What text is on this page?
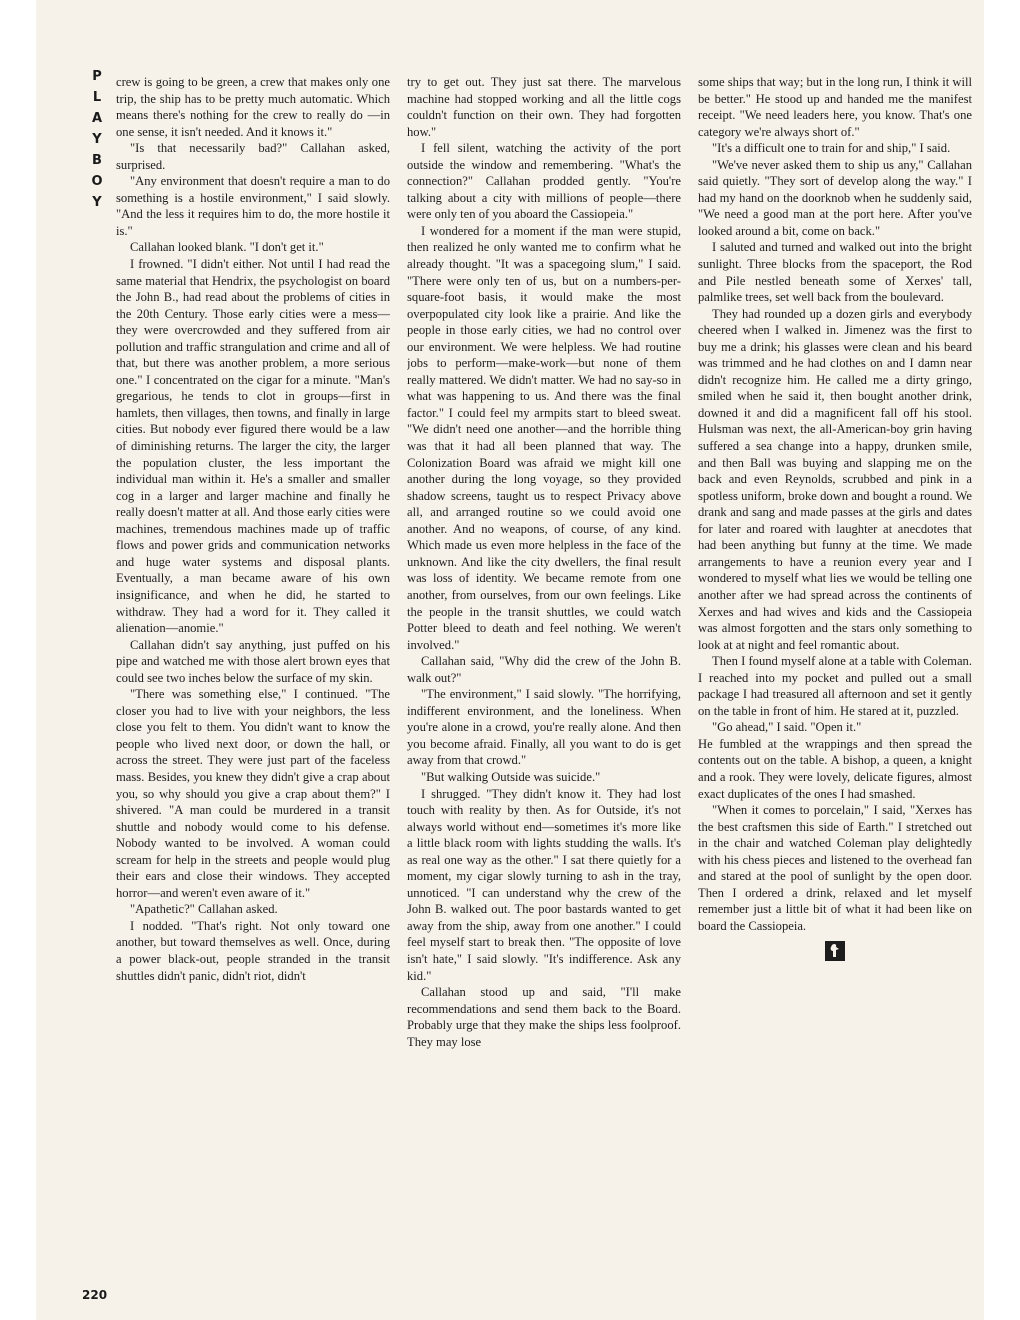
P
L
A
Y
B
O
Y
220

crew is going to be green, a crew that makes only one trip, the ship has to be pretty much automatic. Which means there's nothing for the crew to really do —in one sense, it isn't needed. And it knows it."

"Is that necessarily bad?" Callahan asked, surprised.

"Any environment that doesn't require a man to do something is a hostile environment," I said slowly. "And the less it requires him to do, the more hostile it is."

Callahan looked blank. "I don't get it."

I frowned. "I didn't either. Not until I had read the same material that Hendrix, the psychologist on board the John B., had read about the problems of cities in the 20th Century. Those early cities were a mess—they were overcrowded and they suffered from air pollution and traffic strangulation and crime and all of that, but there was another problem, a more serious one." I concentrated on the cigar for a minute. "Man's gregarious, he tends to clot in groups—first in hamlets, then villages, then towns, and finally in large cities. But nobody ever figured there would be a law of diminishing returns. The larger the city, the larger the population cluster, the less important the individual man within it. He's a smaller and smaller cog in a larger and larger machine and finally he really doesn't matter at all. And those early cities were machines, tremendous machines made up of traffic flows and power grids and communication networks and huge water systems and disposal plants. Eventually, a man became aware of his own insignificance, and when he did, he started to withdraw. They had a word for it. They called it alienation—anomie."

Callahan didn't say anything, just puffed on his pipe and watched me with those alert brown eyes that could see two inches below the surface of my skin.

"There was something else," I continued. "The closer you had to live with your neighbors, the less close you felt to them. You didn't want to know the people who lived next door, or down the hall, or across the street. They were just part of the faceless mass. Besides, you knew they didn't give a crap about you, so why should you give a crap about them?" I shivered. "A man could be murdered in a transit shuttle and nobody would come to his defense. Nobody wanted to be involved. A woman could scream for help in the streets and people would plug their ears and close their windows. They accepted horror—and weren't even aware of it."

"Apathetic?" Callahan asked.

I nodded. "That's right. Not only toward one another, but toward themselves as well. Once, during a power black-out, people stranded in the transit shuttles didn't panic, didn't riot, didn't

try to get out. They just sat there. The marvelous machine had stopped working and all the little cogs couldn't function on their own. They had forgotten how."

I fell silent, watching the activity of the port outside the window and remembering. "What's the connection?" Callahan prodded gently. "You're talking about a city with millions of people—there were only ten of you aboard the Cassiopeia."

I wondered for a moment if the man were stupid, then realized he only wanted me to confirm what he already thought. "It was a spacegoing slum," I said. "There were only ten of us, but on a numbers-per-square-foot basis, it would make the most overpopulated city look like a prairie. And like the people in those early cities, we had no control over our environment. We were helpless. We had routine jobs to perform—make-work—but none of them really mattered. We didn't matter. We had no say-so in what was happening to us. And there was the final factor." I could feel my armpits start to bleed sweat. "We didn't need one another—and the horrible thing was that it had all been planned that way. The Colonization Board was afraid we might kill one another during the long voyage, so they provided shadow screens, taught us to respect Privacy above all, and arranged routine so we could avoid one another. And no weapons, of course, of any kind. Which made us even more helpless in the face of the unknown. And like the city dwellers, the final result was loss of identity. We became remote from one another, from ourselves, from our own feelings. Like the people in the transit shuttles, we could watch Potter bleed to death and feel nothing. We weren't involved."

Callahan said, "Why did the crew of the John B. walk out?"

"The environment," I said slowly. "The horrifying, indifferent environment, and the loneliness. When you're alone in a crowd, you're really alone. And then you become afraid. Finally, all you want to do is get away from that crowd."

"But walking Outside was suicide."

I shrugged. "They didn't know it. They had lost touch with reality by then. As for Outside, it's not always world without end—sometimes it's more like a little black room with lights studding the walls. It's as real one way as the other." I sat there quietly for a moment, my cigar slowly turning to ash in the tray, unnoticed. "I can understand why the crew of the John B. walked out. The poor bastards wanted to get away from the ship, away from one another." I could feel myself start to break then. "The opposite of love isn't hate," I said slowly. "It's indifference. Ask any kid."

Callahan stood up and said, "I'll make recommendations and send them back to the Board. Probably urge that they make the ships less foolproof. They may lose

some ships that way; but in the long run, I think it will be better." He stood up and handed me the manifest receipt. "We need leaders here, you know. That's one category we're always short of."

"It's a difficult one to train for and ship," I said.

"We've never asked them to ship us any," Callahan said quietly. "They sort of develop along the way." I had my hand on the doorknob when he suddenly said, "We need a good man at the port here. After you've looked around a bit, come on back."

I saluted and turned and walked out into the bright sunlight. Three blocks from the spaceport, the Rod and Pile nestled beneath some of Xerxes' tall, palmlike trees, set well back from the boulevard.

They had rounded up a dozen girls and everybody cheered when I walked in. Jimenez was the first to buy me a drink; his glasses were clean and his beard was trimmed and he had clothes on and I damn near didn't recognize him. He called me a dirty gringo, smiled when he said it, then bought another drink, downed it and did a magnificent fall off his stool. Hulsman was next, the all-American-boy grin having suffered a sea change into a happy, drunken smile, and then Ball was buying and slapping me on the back and even Reynolds, scrubbed and pink in a spotless uniform, broke down and bought a round. We drank and sang and made passes at the girls and dates for later and roared with laughter at anecdotes that had been anything but funny at the time. We made arrangements to have a reunion every year and I wondered to myself what lies we would be telling one another after we had spread across the continents of Xerxes and had wives and kids and the Cassiopeia was almost forgotten and the stars only something to look at at night and feel romantic about.

Then I found myself alone at a table with Coleman. I reached into my pocket and pulled out a small package I had treasured all afternoon and set it gently on the table in front of him. He stared at it, puzzled.

"Go ahead," I said. "Open it."

He fumbled at the wrappings and then spread the contents out on the table. A bishop, a queen, a knight and a rook. They were lovely, delicate figures, almost exact duplicates of the ones I had smashed.

"When it comes to porcelain," I said, "Xerxes has the best craftsmen this side of Earth." I stretched out in the chair and watched Coleman play delightedly with his chess pieces and listened to the overhead fan and stared at the pool of sunlight by the open door. Then I ordered a drink, relaxed and let myself remember just a little bit of what it had been like on board the Cassiopeia.
